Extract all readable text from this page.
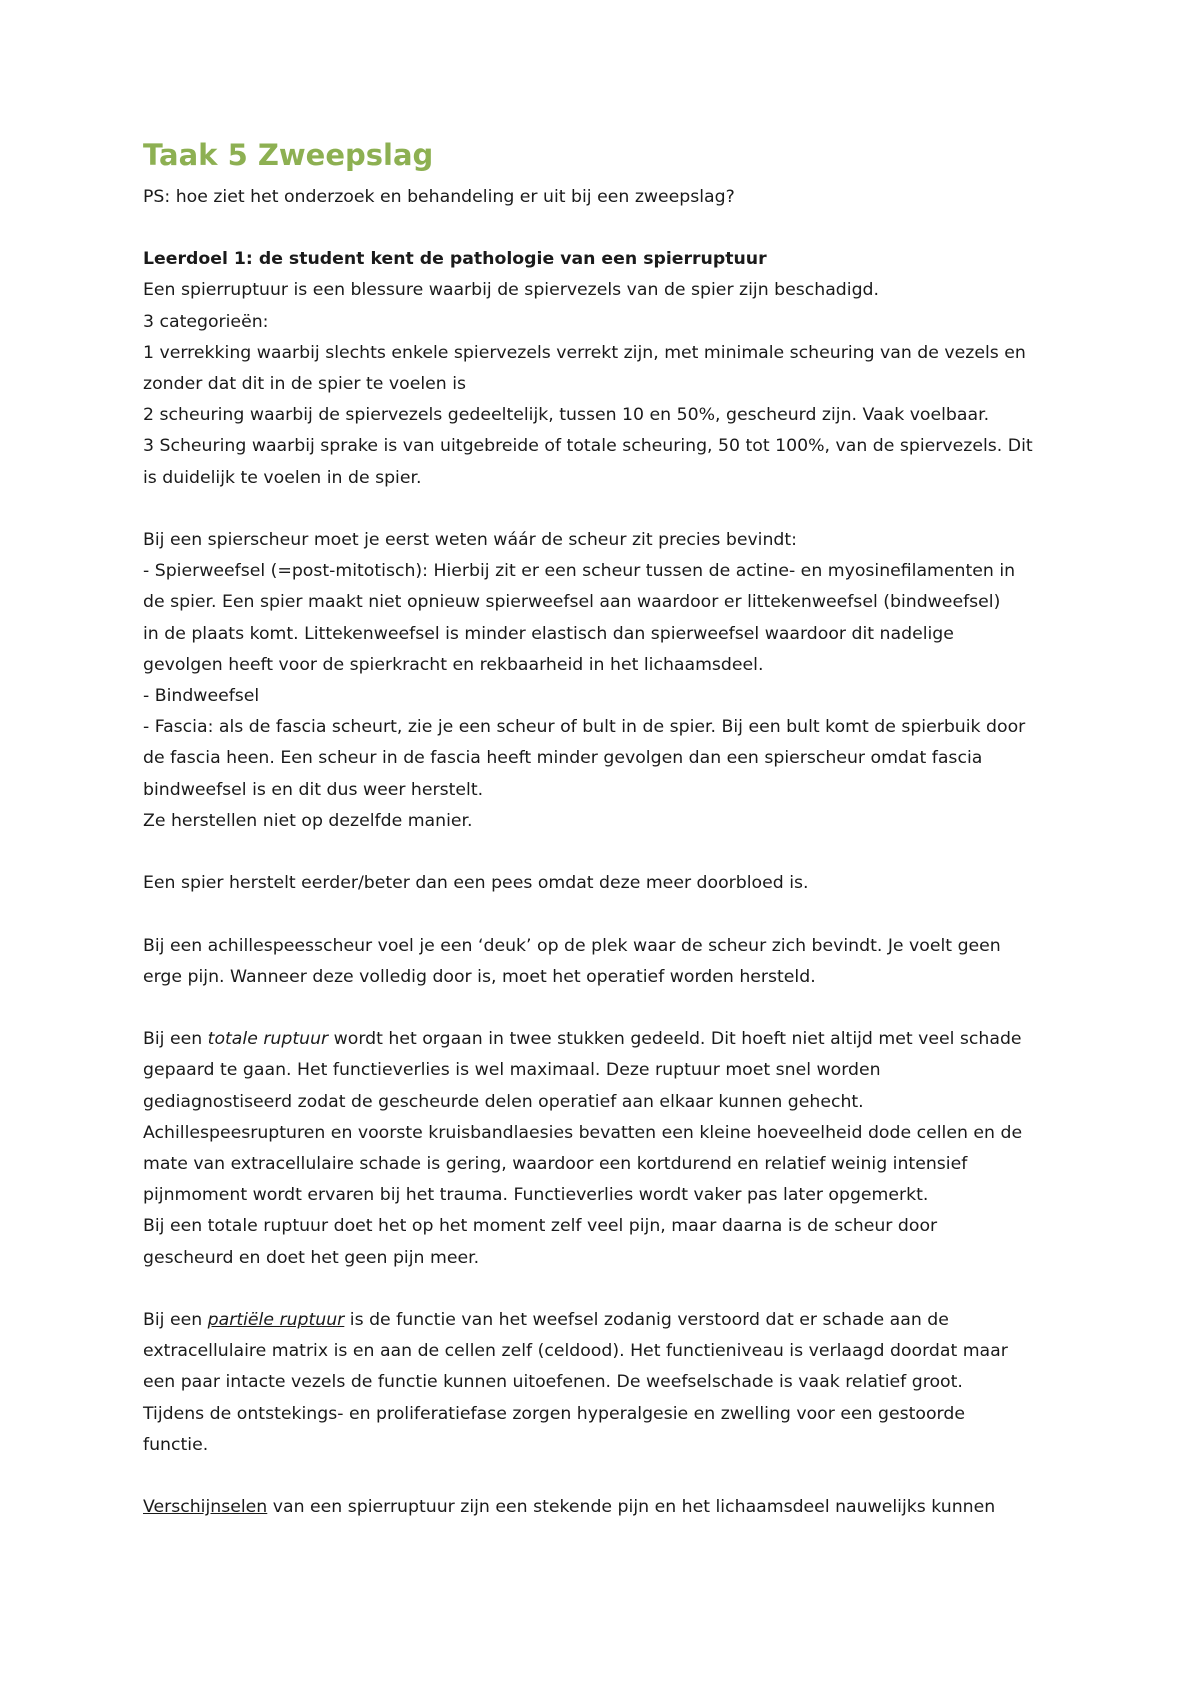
Taak 5 Zweepslag
PS: hoe ziet het onderzoek en behandeling er uit bij een zweepslag?
Leerdoel 1: de student kent de pathologie van een spierruptuur
Een spierruptuur is een blessure waarbij de spiervezels van de spier zijn beschadigd.
3 categorieën:
1 verrekking waarbij slechts enkele spiervezels verrekt zijn, met minimale scheuring van de vezels en
zonder dat dit in de spier te voelen is
2 scheuring waarbij de spiervezels gedeeltelijk, tussen 10 en 50%, gescheurd zijn. Vaak voelbaar.
3 Scheuring waarbij sprake is van uitgebreide of totale scheuring, 50 tot 100%, van de spiervezels. Dit
is duidelijk te voelen in de spier.
Bij een spierscheur moet je eerst weten wáár de scheur zit precies bevindt:
- Spierweefsel (=post-mitotisch): Hierbij zit er een scheur tussen de actine- en myosinefilamenten in
de spier. Een spier maakt niet opnieuw spierweefsel aan waardoor er littekenweefsel (bindweefsel)
in de plaats komt. Littekenweefsel is minder elastisch dan spierweefsel waardoor dit nadelige
gevolgen heeft voor de spierkracht en rekbaarheid in het lichaamsdeel.
- Bindweefsel
- Fascia: als de fascia scheurt, zie je een scheur of bult in de spier. Bij een bult komt de spierbuik door
de fascia heen. Een scheur in de fascia heeft minder gevolgen dan een spierscheur omdat fascia
bindweefsel is en dit dus weer herstelt.
Ze herstellen niet op dezelfde manier.
Een spier herstelt eerder/beter dan een pees omdat deze meer doorbloed is.
Bij een achillespeesscheur voel je een ‘deuk’ op de plek waar de scheur zich bevindt. Je voelt geen
erge pijn. Wanneer deze volledig door is, moet het operatief worden hersteld.
Bij een totale ruptuur wordt het orgaan in twee stukken gedeeld. Dit hoeft niet altijd met veel schade
gepaard te gaan. Het functieverlies is wel maximaal. Deze ruptuur moet snel worden
gediagnostiseerd zodat de gescheurde delen operatief aan elkaar kunnen gehecht.
Achillespeesrupturen en voorste kruisbandlaesies bevatten een kleine hoeveelheid dode cellen en de
mate van extracellulaire schade is gering, waardoor een kortdurend en relatief weinig intensief
pijnmoment wordt ervaren bij het trauma. Functieverlies wordt vaker pas later opgemerkt.
Bij een totale ruptuur doet het op het moment zelf veel pijn, maar daarna is de scheur door
gescheurd en doet het geen pijn meer.
Bij een partiële ruptuur is de functie van het weefsel zodanig verstoord dat er schade aan de
extracellulaire matrix is en aan de cellen zelf (celdood). Het functieniveau is verlaagd doordat maar
een paar intacte vezels de functie kunnen uitoefenen. De weefselschade is vaak relatief groot.
Tijdens de ontstekings- en proliferatiefase zorgen hyperalgesie en zwelling voor een gestoorde
functie.
Verschijnselen van een spierruptuur zijn een stekende pijn en het lichaamsdeel nauwelijks kunnen
